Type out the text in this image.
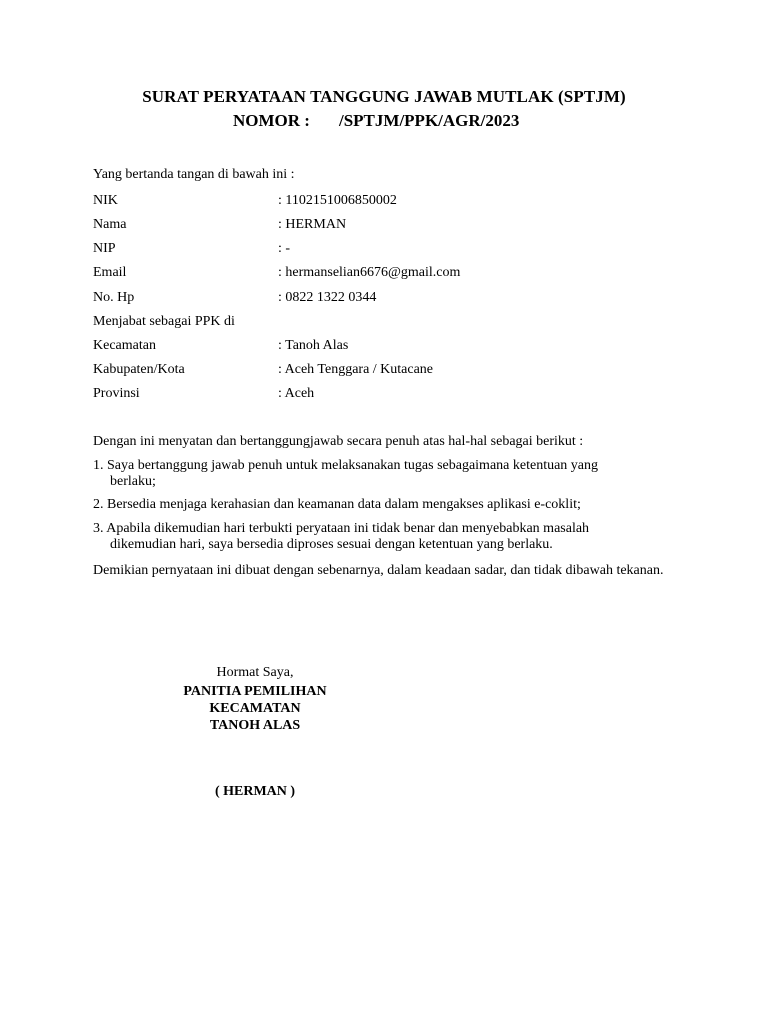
SURAT PERYATAAN TANGGUNG JAWAB MUTLAK (SPTJM)
NOMOR : /SPTJM/PPK/AGR/2023
Yang bertanda tangan di bawah ini :
NIK	: 1102151006850002
Nama	: HERMAN
NIP	: -
Email	: hermanselian6676@gmail.com
No. Hp	: 0822 1322 0344
Menjabat sebagai PPK di
Kecamatan	: Tanoh Alas
Kabupaten/Kota	: Aceh Tenggara / Kutacane
Provinsi	: Aceh
Dengan ini menyatan dan bertanggungjawab secara penuh atas hal-hal sebagai berikut :
1. Saya bertanggung jawab penuh untuk melaksanakan tugas sebagaimana ketentuan yang
berlaku;
2. Bersedia menjaga kerahasian dan keamanan data dalam mengakses aplikasi e-coklit;
3. Apabila dikemudian hari terbukti peryataan ini tidak benar dan menyebabkan masalah
dikemudian hari, saya bersedia diproses sesuai dengan ketentuan yang berlaku.
Demikian pernyataan ini dibuat dengan sebenarnya, dalam keadaan sadar, dan tidak dibawah tekanan.
Hormat Saya,
PANITIA PEMILIHAN
KECAMATAN
TANOH ALAS
( HERMAN )
